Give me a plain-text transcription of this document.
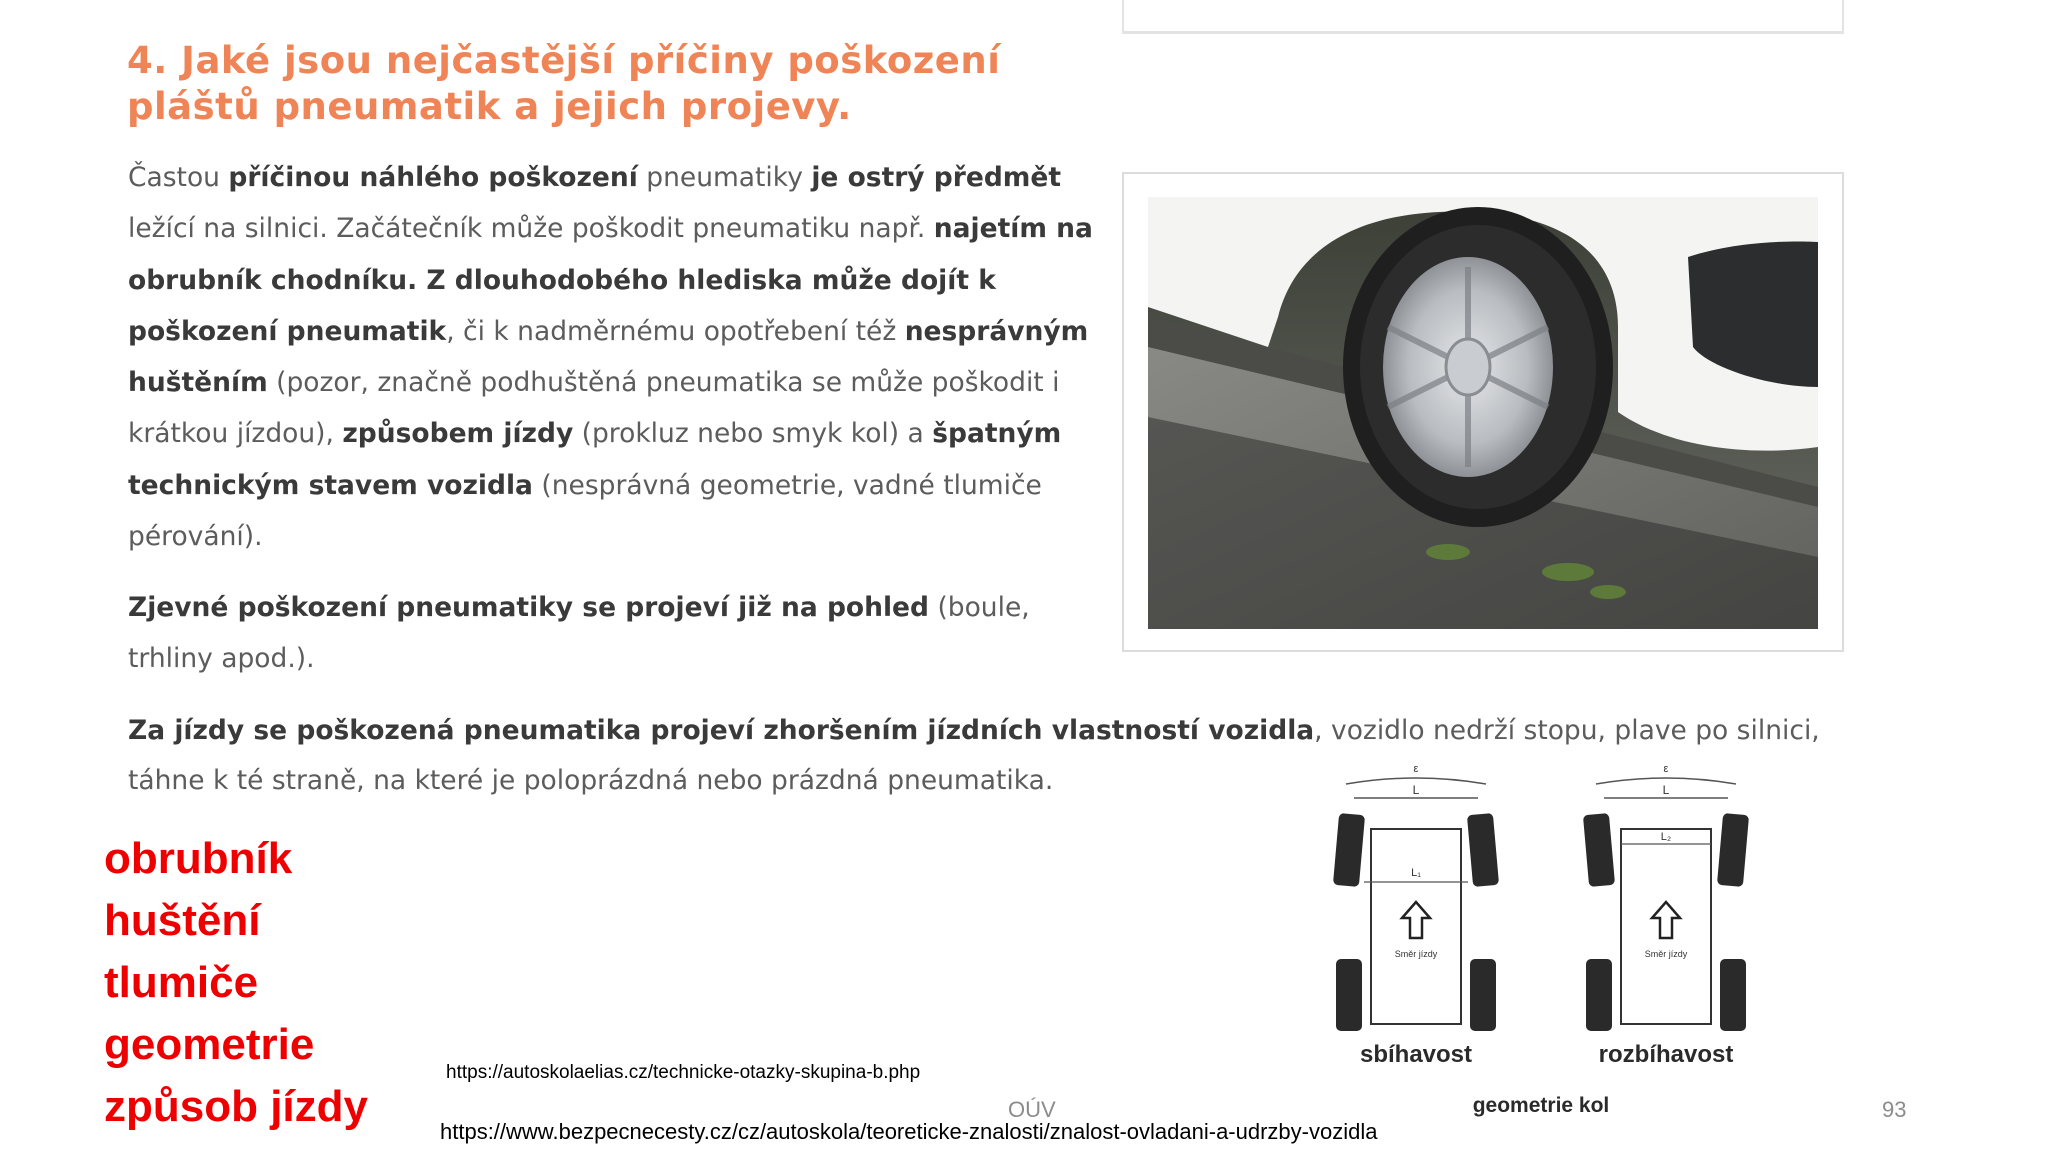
4. Jaké jsou nejčastější příčiny poškození pláštů pneumatik a jejich projevy.
Častou příčinou náhlého poškození pneumatiky je ostrý předmět ležící na silnici. Začátečník může poškodit pneumatiku např. najetím na obrubník chodníku. Z dlouhodobého hlediska může dojít k poškození pneumatik, či k nadměrnému opotřebení též nesprávným huštěním (pozor, značně podhuštěná pneumatika se může poškodit i krátkou jízdou), způsobem jízdy (prokluz nebo smyk kol) a špatným technickým stavem vozidla (nesprávná geometrie, vadné tlumiče pérování).
Zjevné poškození pneumatiky se projeví již na pohled (boule, trhliny apod.).
Za jízdy se poškozená pneumatika projeví zhoršením jízdních vlastností vozidla, vozidlo nedrží stopu, plave po silnici, táhne k té straně, na které je poloprázdná nebo prázdná pneumatika.
obrubník
huštění
tlumiče
geometrie
způsob jízdy
ε
L
L₁
Směr jízdy
sbíhavost
ε
L
L₂
Směr jízdy
rozbíhavost
geometrie kol
https://autoskolaelias.cz/technicke-otazky-skupina-b.php
OÚV	93
https://www.bezpecnecesty.cz/cz/autoskola/teoreticke-znalosti/znalost-ovladani-a-udrzby-vozidla
